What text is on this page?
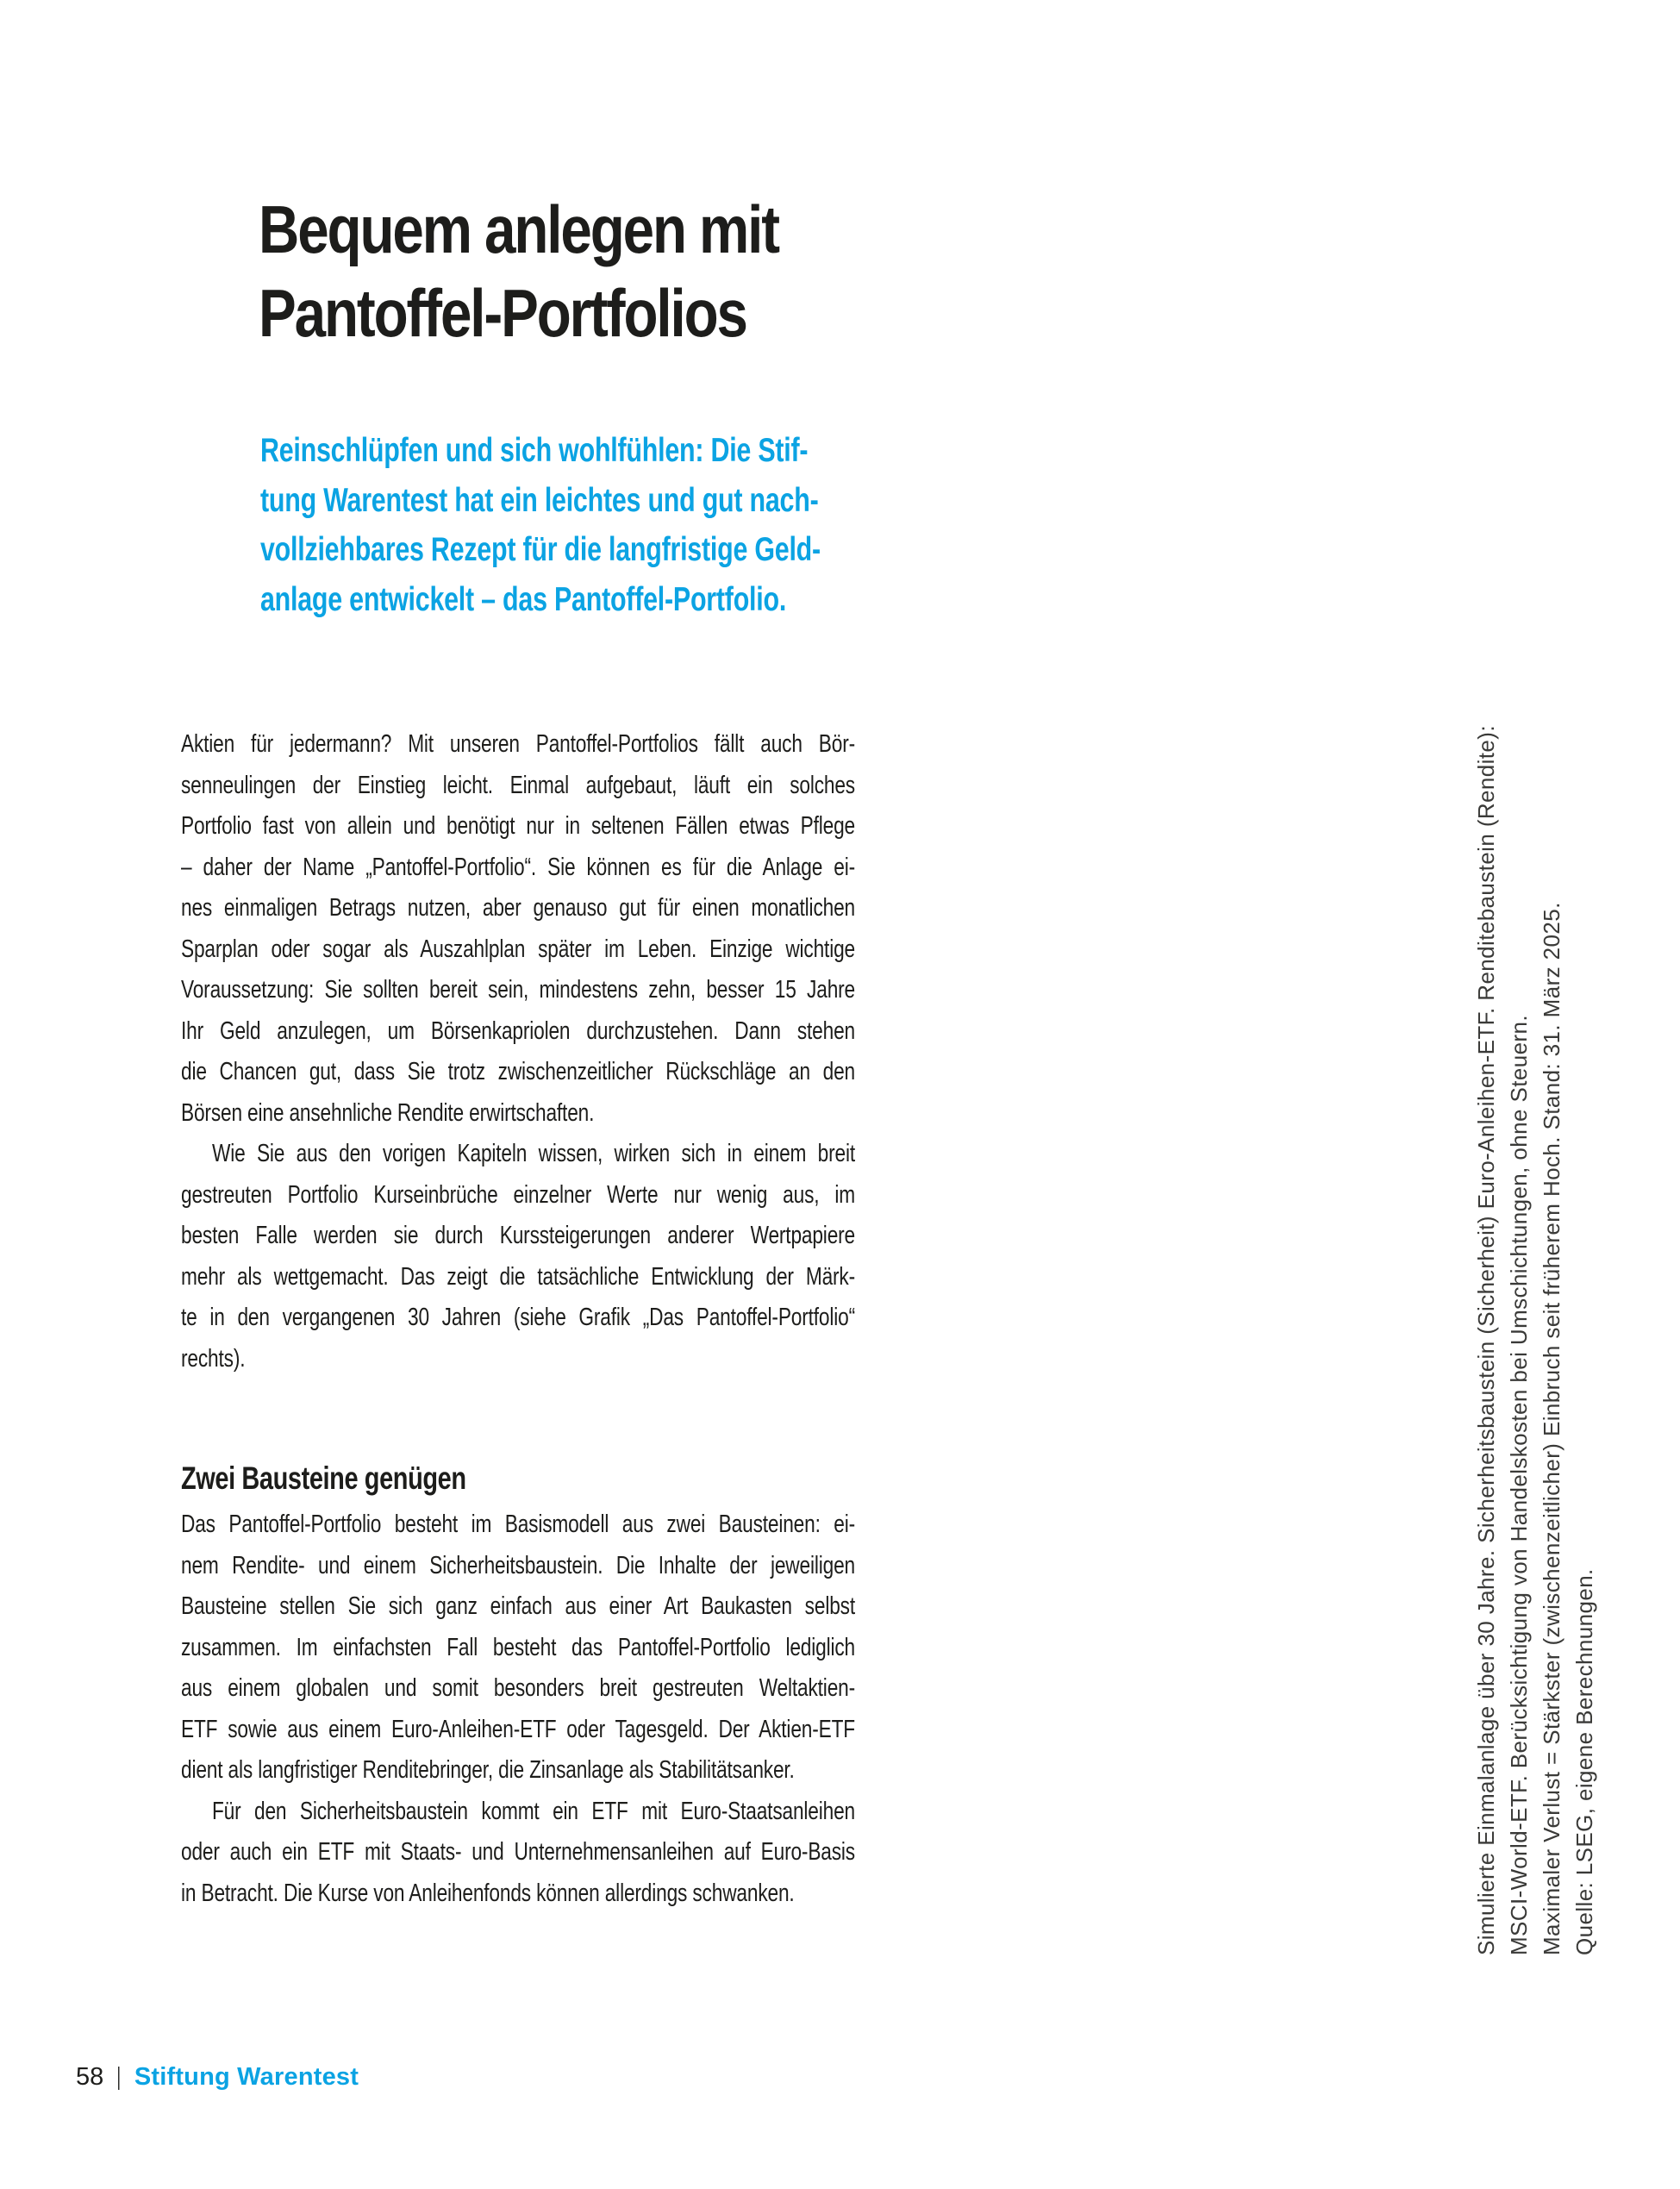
Bequem anlegen mit
Pantoffel-Portfolios
Reinschlüpfen und sich wohlfühlen: Die Stif-
tung Warentest hat ein leichtes und gut nach-
vollziehbares Rezept für die langfristige Geld-
anlage entwickelt – das Pantoffel-Portfolio.

Aktien für jedermann? Mit unseren Pantoffel-Portfolios fällt auch Bör-
senneulingen der Einstieg leicht. Einmal aufgebaut, läuft ein solches
Portfolio fast von allein und benötigt nur in seltenen Fällen etwas Pflege
– daher der Name „Pantoffel-Portfolio“. Sie können es für die Anlage ei-
nes einmaligen Betrags nutzen, aber genauso gut für einen monatlichen
Sparplan oder sogar als Auszahlplan später im Leben. Einzige wichtige
Voraussetzung: Sie sollten bereit sein, mindestens zehn, besser 15 Jahre
Ihr Geld anzulegen, um Börsenkapriolen durchzustehen. Dann stehen
die Chancen gut, dass Sie trotz zwischenzeitlicher Rückschläge an den
Börsen eine ansehnliche Rendite erwirtschaften.

Wie Sie aus den vorigen Kapiteln wissen, wirken sich in einem breit
gestreuten Portfolio Kurseinbrüche einzelner Werte nur wenig aus, im
besten Falle werden sie durch Kurssteigerungen anderer Wertpapiere
mehr als wettgemacht. Das zeigt die tatsächliche Entwicklung der Märk-
te in den vergangenen 30 Jahren (siehe Grafik „Das Pantoffel-Portfolio“
rechts).

Zwei Bausteine genügen

Das Pantoffel-Portfolio besteht im Basismodell aus zwei Bausteinen: ei-
nem Rendite- und einem Sicherheitsbaustein. Die Inhalte der jeweiligen
Bausteine stellen Sie sich ganz einfach aus einer Art Baukasten selbst
zusammen. Im einfachsten Fall besteht das Pantoffel-Portfolio lediglich
aus einem globalen und somit besonders breit gestreuten Weltaktien-
ETF sowie aus einem Euro-Anleihen-ETF oder Tagesgeld. Der Aktien-ETF
dient als langfristiger Renditebringer, die Zinsanlage als Stabilitätsanker.

Für den Sicherheitsbaustein kommt ein ETF mit Euro-Staatsanleihen
oder auch ein ETF mit Staats- und Unternehmensanleihen auf Euro-Basis
in Betracht. Die Kurse von Anleihenfonds können allerdings schwanken.	Simulierte Einmalanlage über 30 Jahre. Sicherheitsbaustein (Sicherheit) Euro-Anleihen-ETF. Renditebaustein (Rendite): MSCI-World-ETF. Berücksichtigung von Handelskosten bei Umschichtungen, ohne Steuern. Maximaler Verlust = Stärkster (zwischenzeitlicher) Einbruch seit früherem Hoch. Stand: 31. März 2025. Quelle: LSEG, eigene Berechnungen.
58 | Stiftung Warentest
